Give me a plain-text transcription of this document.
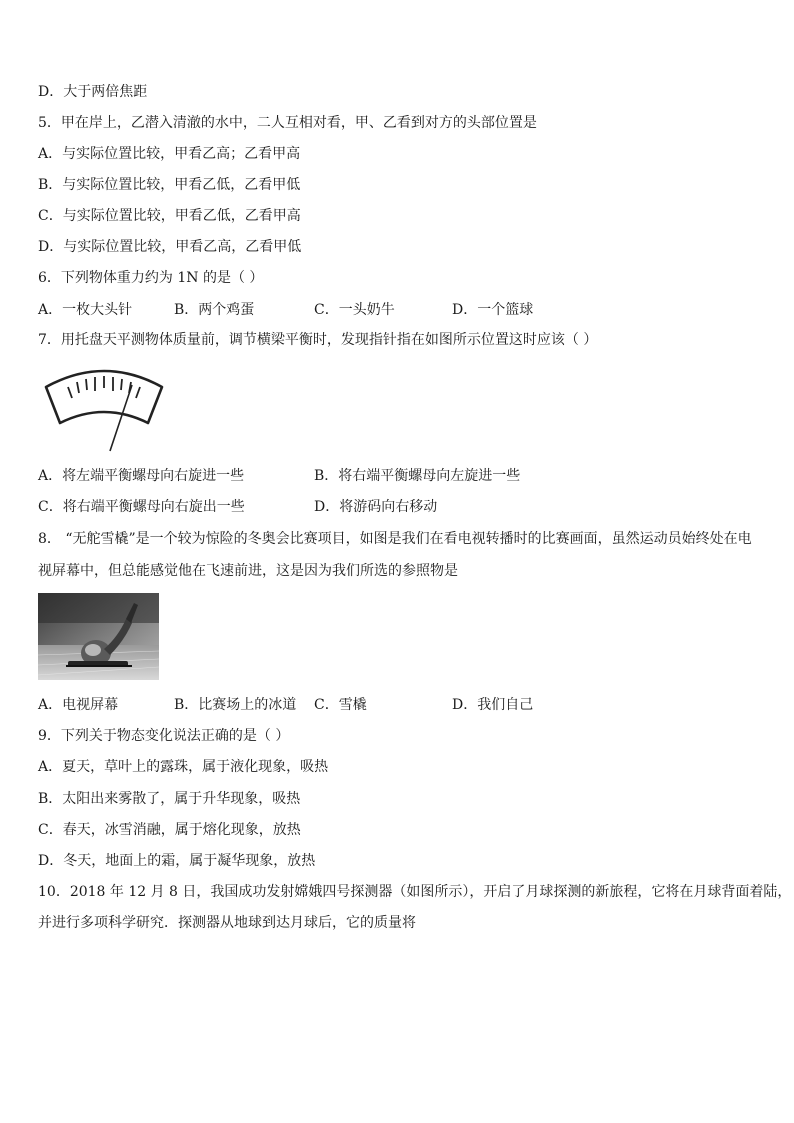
D．大于两倍焦距
5．甲在岸上，乙潜入清澈的水中，二人互相对看，甲、乙看到对方的头部位置是
A．与实际位置比较，甲看乙高；乙看甲高
B．与实际位置比较，甲看乙低，乙看甲低
C．与实际位置比较，甲看乙低，乙看甲高
D．与实际位置比较，甲看乙高，乙看甲低
6．下列物体重力约为 1N 的是（ ）
A．一枚大头针	B．两个鸡蛋	C．一头奶牛	D．一个篮球
7．用托盘天平测物体质量前，调节横梁平衡时，发现指针指在如图所示位置这时应该（ ）
A．将左端平衡螺母向右旋进一些	B．将右端平衡螺母向左旋进一些
C．将右端平衡螺母向右旋出一些	D．将游码向右移动
8． “无舵雪橇”是一个较为惊险的冬奥会比赛项目，如图是我们在看电视转播时的比赛画面，虽然运动员始终处在电
视屏幕中，但总能感觉他在飞速前进，这是因为我们所选的参照物是
A．电视屏幕	B．比赛场上的冰道 C．雪橇	D．我们自己
9．下列关于物态变化说法正确的是（ ）
A．夏天，草叶上的露珠，属于液化现象，吸热
B．太阳出来雾散了，属于升华现象，吸热
C．春天，冰雪消融，属于熔化现象，放热
D．冬天，地面上的霜，属于凝华现象，放热
10．2018 年 12 月 8 日，我国成功发射嫦娥四号探测器（如图所示），开启了月球探测的新旅程，它将在月球背面着陆，
并进行多项科学研究．探测器从地球到达月球后，它的质量将
